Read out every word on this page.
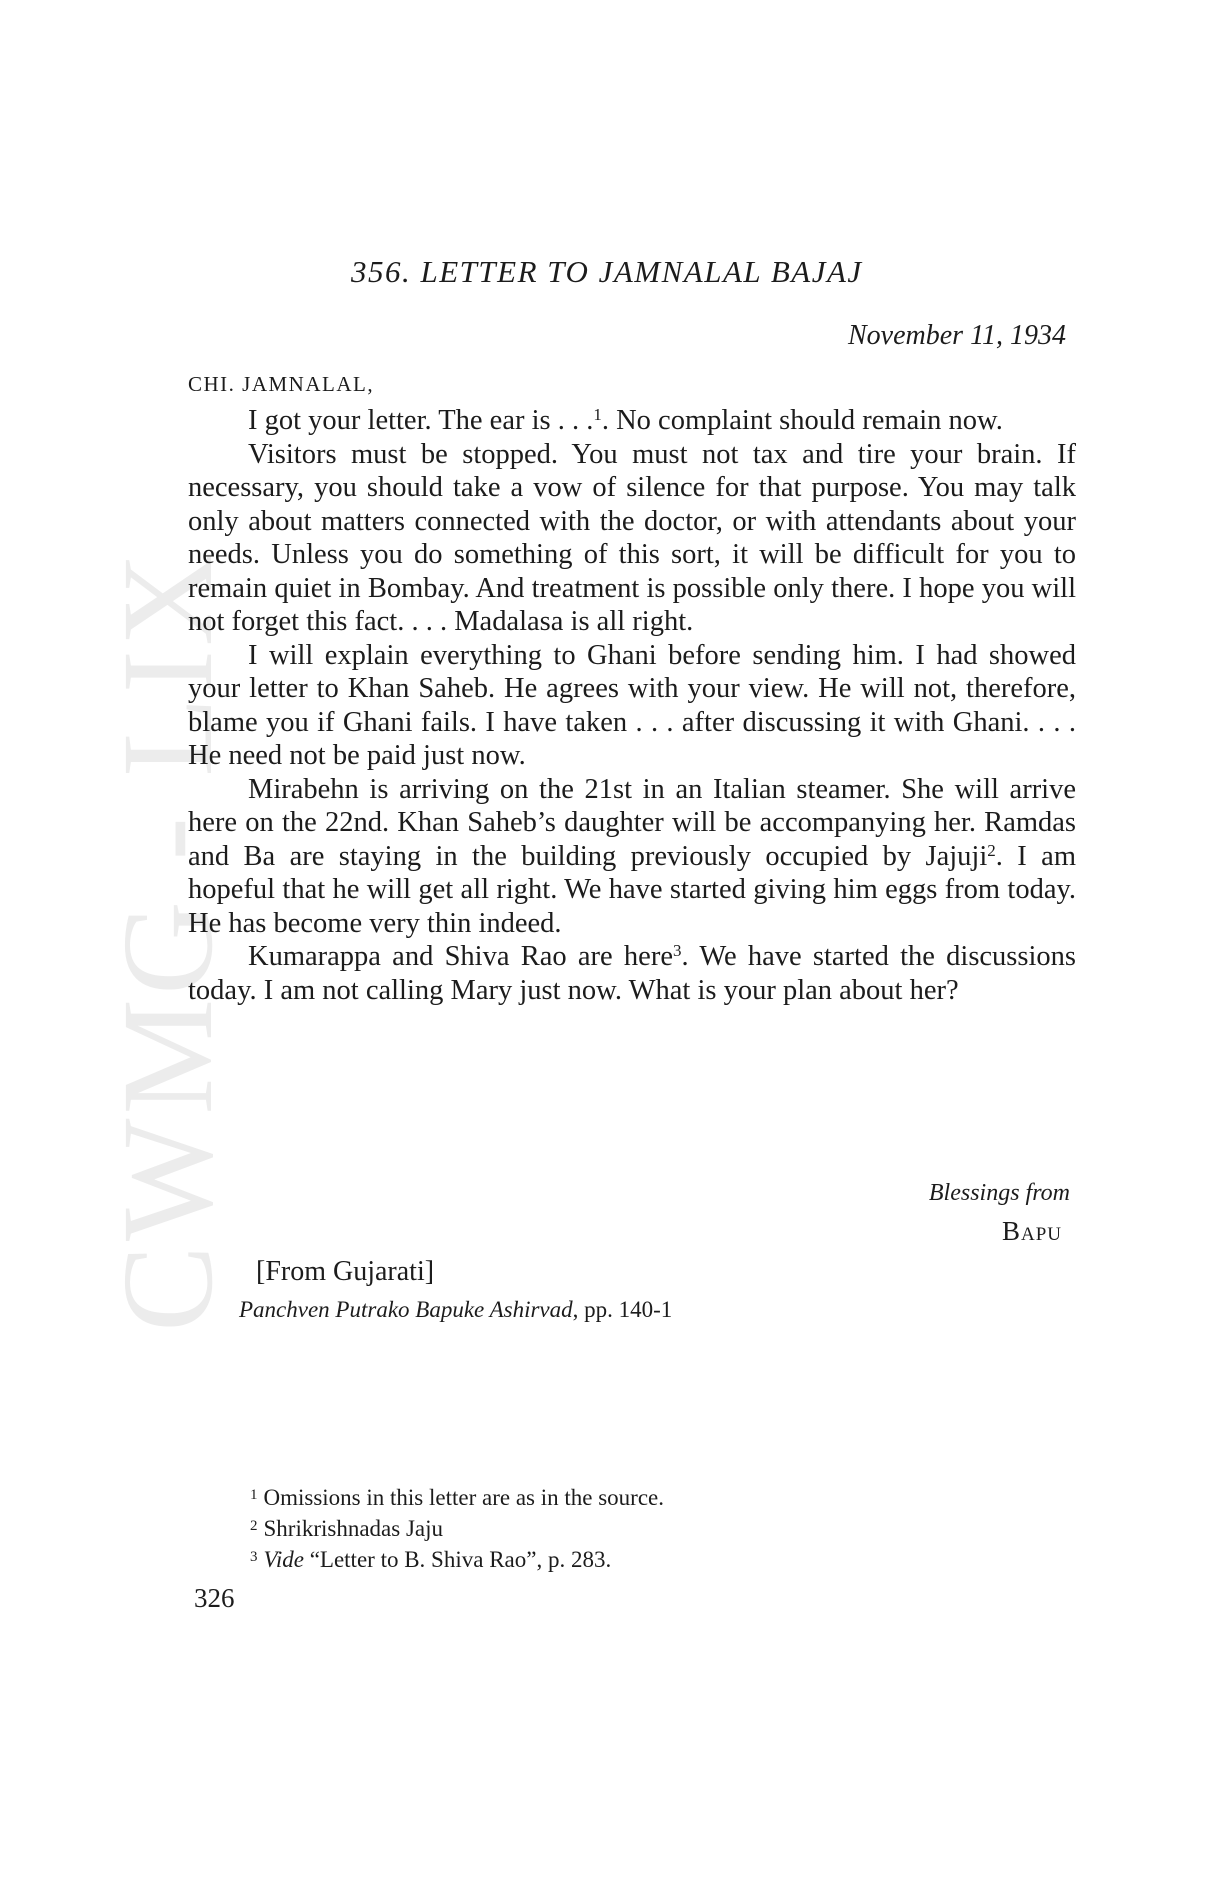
CWMG - LIX
356. LETTER TO JAMNALAL BAJAJ
November 11, 1934
CHI. JAMNALAL,

I got your letter. The ear is . . .$^1$. No complaint should remain now.

Visitors must be stopped. You must not tax and tire your brain. If necessary, you should take a vow of silence for that purpose. You may talk only about matters connected with the doctor, or with attendants about your needs. Unless you do something of this sort, it will be difficult for you to remain quiet in Bombay. And treatment is possible only there. I hope you will not forget this fact. . . . Madalasa is all right.

I will explain everything to Ghani before sending him. I had showed your letter to Khan Saheb. He agrees with your view. He will not, therefore, blame you if Ghani fails. I have taken . . . after discussing it with Ghani. . . . He need not be paid just now.

Mirabehn is arriving on the 21st in an Italian steamer. She will arrive here on the 22nd. Khan Saheb’s daughter will be accompanying her. Ramdas and Ba are staying in the building previously occupied by Jajuji$^2$. I am hopeful that he will get all right. We have started giving him eggs from today. He has become very thin indeed.

Kumarappa and Shiva Rao are here$^3$. We have started the discussions today. I am not calling Mary just now. What is your plan about her?

Blessings from
Bapu
[From Gujarati]
Panchven Putrako Bapuke Ashirvad, pp. 140-1
$^1$ Omissions in this letter are as in the source.
$^2$ Shrikrishnadas Jaju
$^3$ Vide “Letter to B. Shiva Rao”, p. 283.
326
